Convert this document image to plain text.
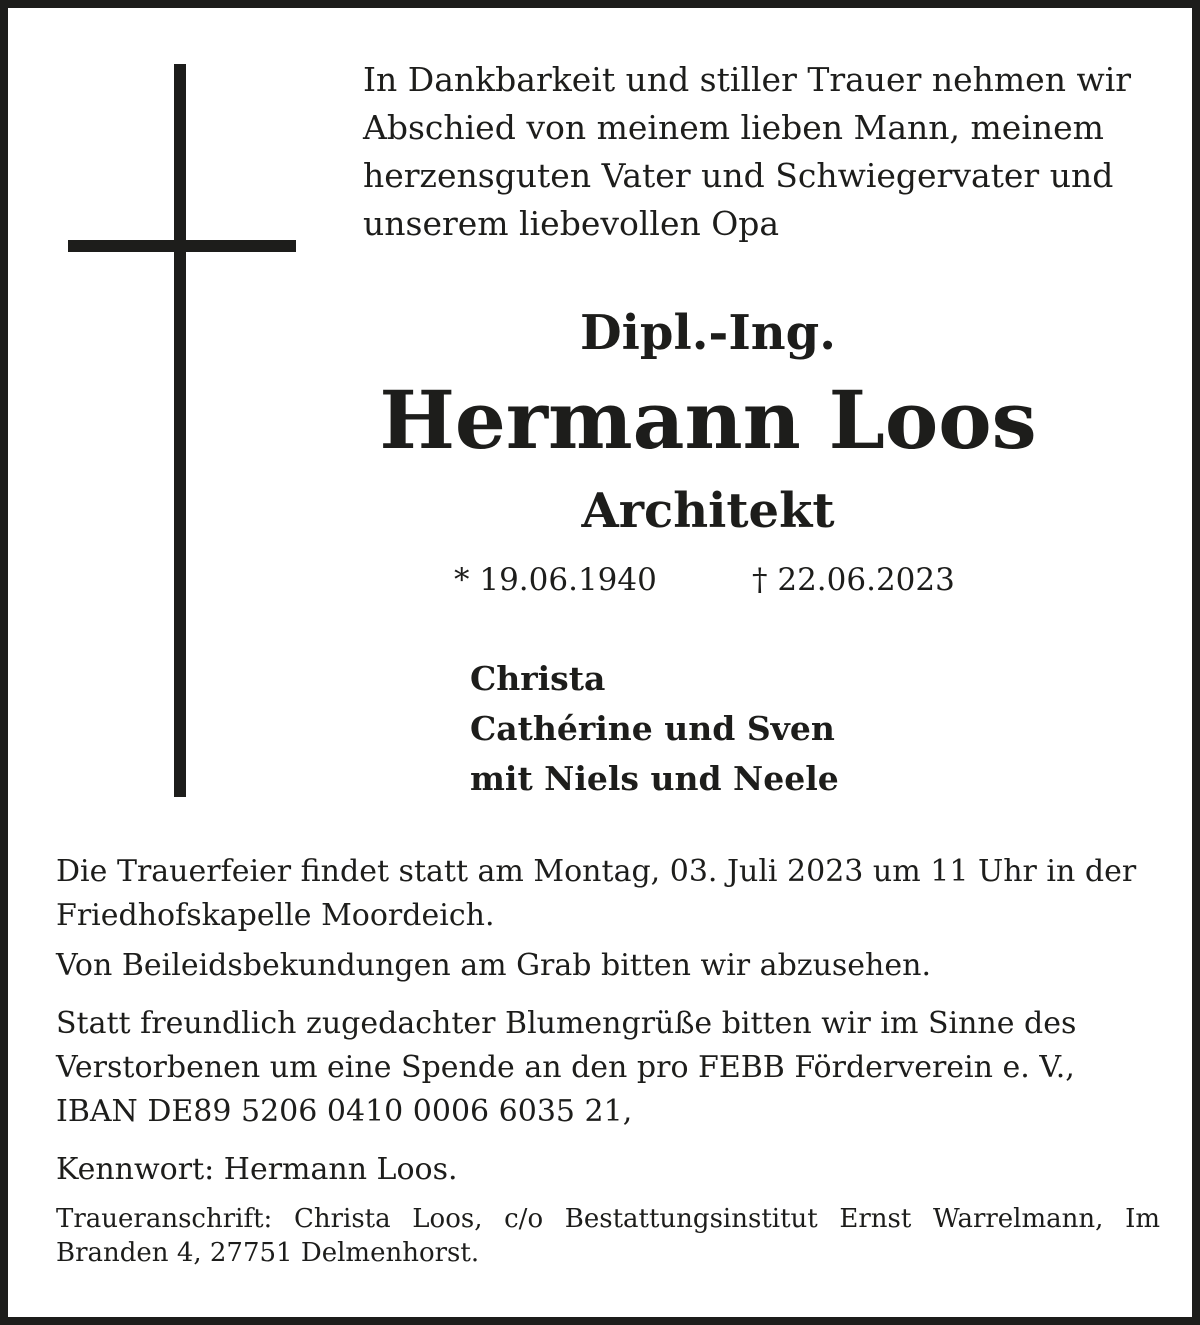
In Dankbarkeit und stiller Trauer nehmen wir
Abschied von meinem lieben Mann, meinem
herzensguten Vater und Schwiegervater und
unserem liebevollen Opa
Dipl.-Ing.
Hermann Loos
Architekt
* 19.06.1940	† 22.06.2023
Christa
Cathérine und Sven
mit Niels und Neele
Die Trauerfeier findet statt am Montag, 03. Juli 2023 um 11 Uhr in der Friedhofskapelle Moordeich.
Von Beileidsbekundungen am Grab bitten wir abzusehen.
Statt freundlich zugedachter Blumengrüße bitten wir im Sinne des Verstorbenen um eine Spende an den pro FEBB Förderverein e. V., IBAN DE89 5206 0410 0006 6035 21,
Kennwort: Hermann Loos.
Traueranschrift: Christa Loos, c/o Bestattungsinstitut Ernst Warrelmann, Im Branden 4, 27751 Delmenhorst.
